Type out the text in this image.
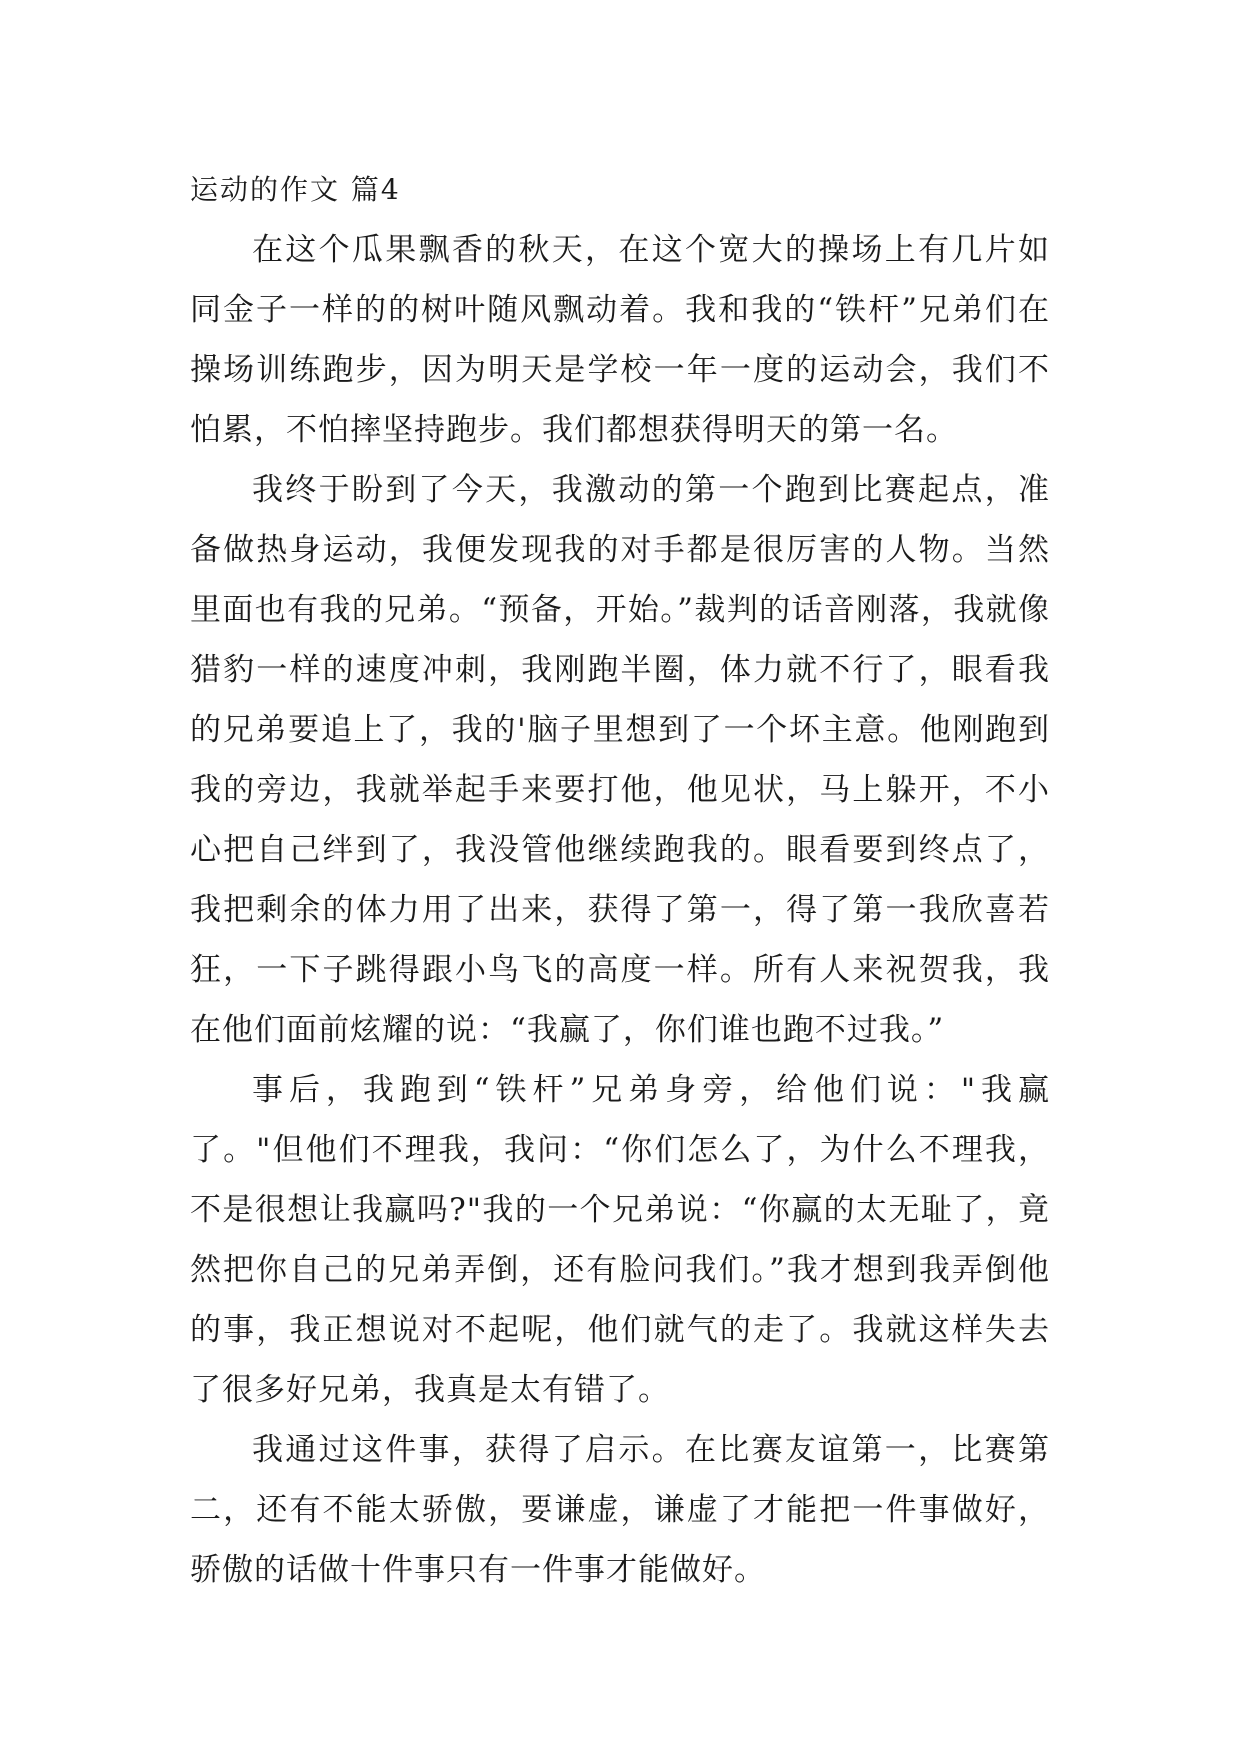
运动的作文 篇4

在这个瓜果飘香的秋天，在这个宽大的操场上有几片如同金子一样的的树叶随风飘动着。我和我的“铁杆”兄弟们在操场训练跑步，因为明天是学校一年一度的运动会，我们不怕累，不怕摔坚持跑步。我们都想获得明天的第一名。

我终于盼到了今天，我激动的第一个跑到比赛起点，准备做热身运动，我便发现我的对手都是很厉害的人物。当然里面也有我的兄弟。“预备，开始。”裁判的话音刚落，我就像猎豹一样的速度冲刺，我刚跑半圈，体力就不行了，眼看我的兄弟要追上了，我的'脑子里想到了一个坏主意。他刚跑到我的旁边，我就举起手来要打他，他见状，马上躲开，不小心把自己绊到了，我没管他继续跑我的。眼看要到终点了，我把剩余的体力用了出来，获得了第一，得了第一我欣喜若狂，一下子跳得跟小鸟飞的高度一样。所有人来祝贺我，我在他们面前炫耀的说：“我赢了，你们谁也跑不过我。”

事后，我跑到“铁杆”兄弟身旁，给他们说："我赢了。"但他们不理我，我问：“你们怎么了，为什么不理我，不是很想让我赢吗?"我的一个兄弟说：“你赢的太无耻了，竟然把你自己的兄弟弄倒，还有脸问我们。”我才想到我弄倒他的事，我正想说对不起呢，他们就气的走了。我就这样失去了很多好兄弟，我真是太有错了。

我通过这件事，获得了启示。在比赛友谊第一，比赛第二，还有不能太骄傲，要谦虚，谦虚了才能把一件事做好，骄傲的话做十件事只有一件事才能做好。
